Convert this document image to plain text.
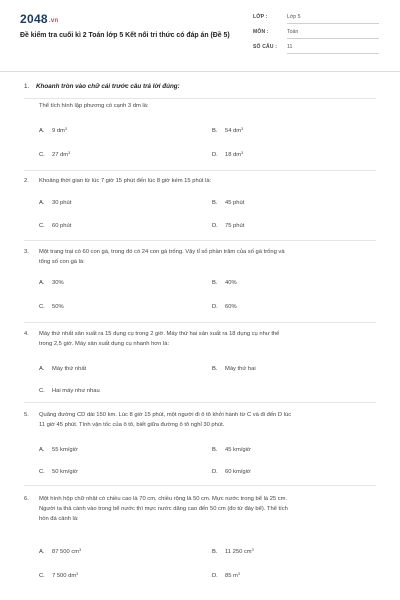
2048.vn
Đề kiểm tra cuối kì 2 Toán lớp 5 Kết nối tri thức có đáp án (Đề 5)
LỚP :	Lớp 5
MÔN :	Toán
SỐ CÂU : 11
1. Khoanh tròn vào chữ cái trước câu trả lời đúng:
Thể tích hình lập phương có cạnh 3 dm là:
A. 9 $dm^3$	B. 54 $dm^3$
C. 27 $dm^3$	D. 18 $dm^3$
2. Khoảng thời gian từ lúc 7 giờ 15 phút đến lúc 8 giờ kém 15 phút là:
A. 30 phút	B. 45 phút
C. 60 phút	D. 75 phút
3. Một trang trại có 60 con gà, trong đó có 24 con gà trống. Vậy tỉ số phần trăm của số gà trống và
tổng số con gà là:
A. 30%	B. 40%
C. 50%	D. 60%
4. Máy thứ nhất sản xuất ra 15 dụng cụ trong 2 giờ. Máy thứ hai sản xuất ra 18 dụng cụ như thế
trong 2,5 giờ. Máy sản xuất dụng cụ nhanh hơn là:
A. Máy thứ nhất	B. Máy thứ hai
C. Hai máy như nhau
5. Quãng đường CD dài 150 km. Lúc 8 giờ 15 phút, một người đi ô tô khởi hành từ C và đi đến D lúc
11 giờ 45 phút. Tính vận tốc của ô tô, biết giữa đường ô tô nghỉ 30 phút.
A. 55 km/giờ	B. 45 km/giờ
C. 50 km/giờ	D. 60 km/giờ
6. Một hình hộp chữ nhật có chiều cao là 70 cm, chiều rộng là 50 cm. Mực nước trong bể là 25 cm.
Người ta thả cánh vào trong bể nước thì mực nước dâng cao đến 50 cm (đo từ đáy bể). Thể tích
hòn đá cảnh là:
A. 87 500 $cm^3$	B. 11 250 $cm^3$
C. 7 500 $dm^3$	D. 85 $m^3$
